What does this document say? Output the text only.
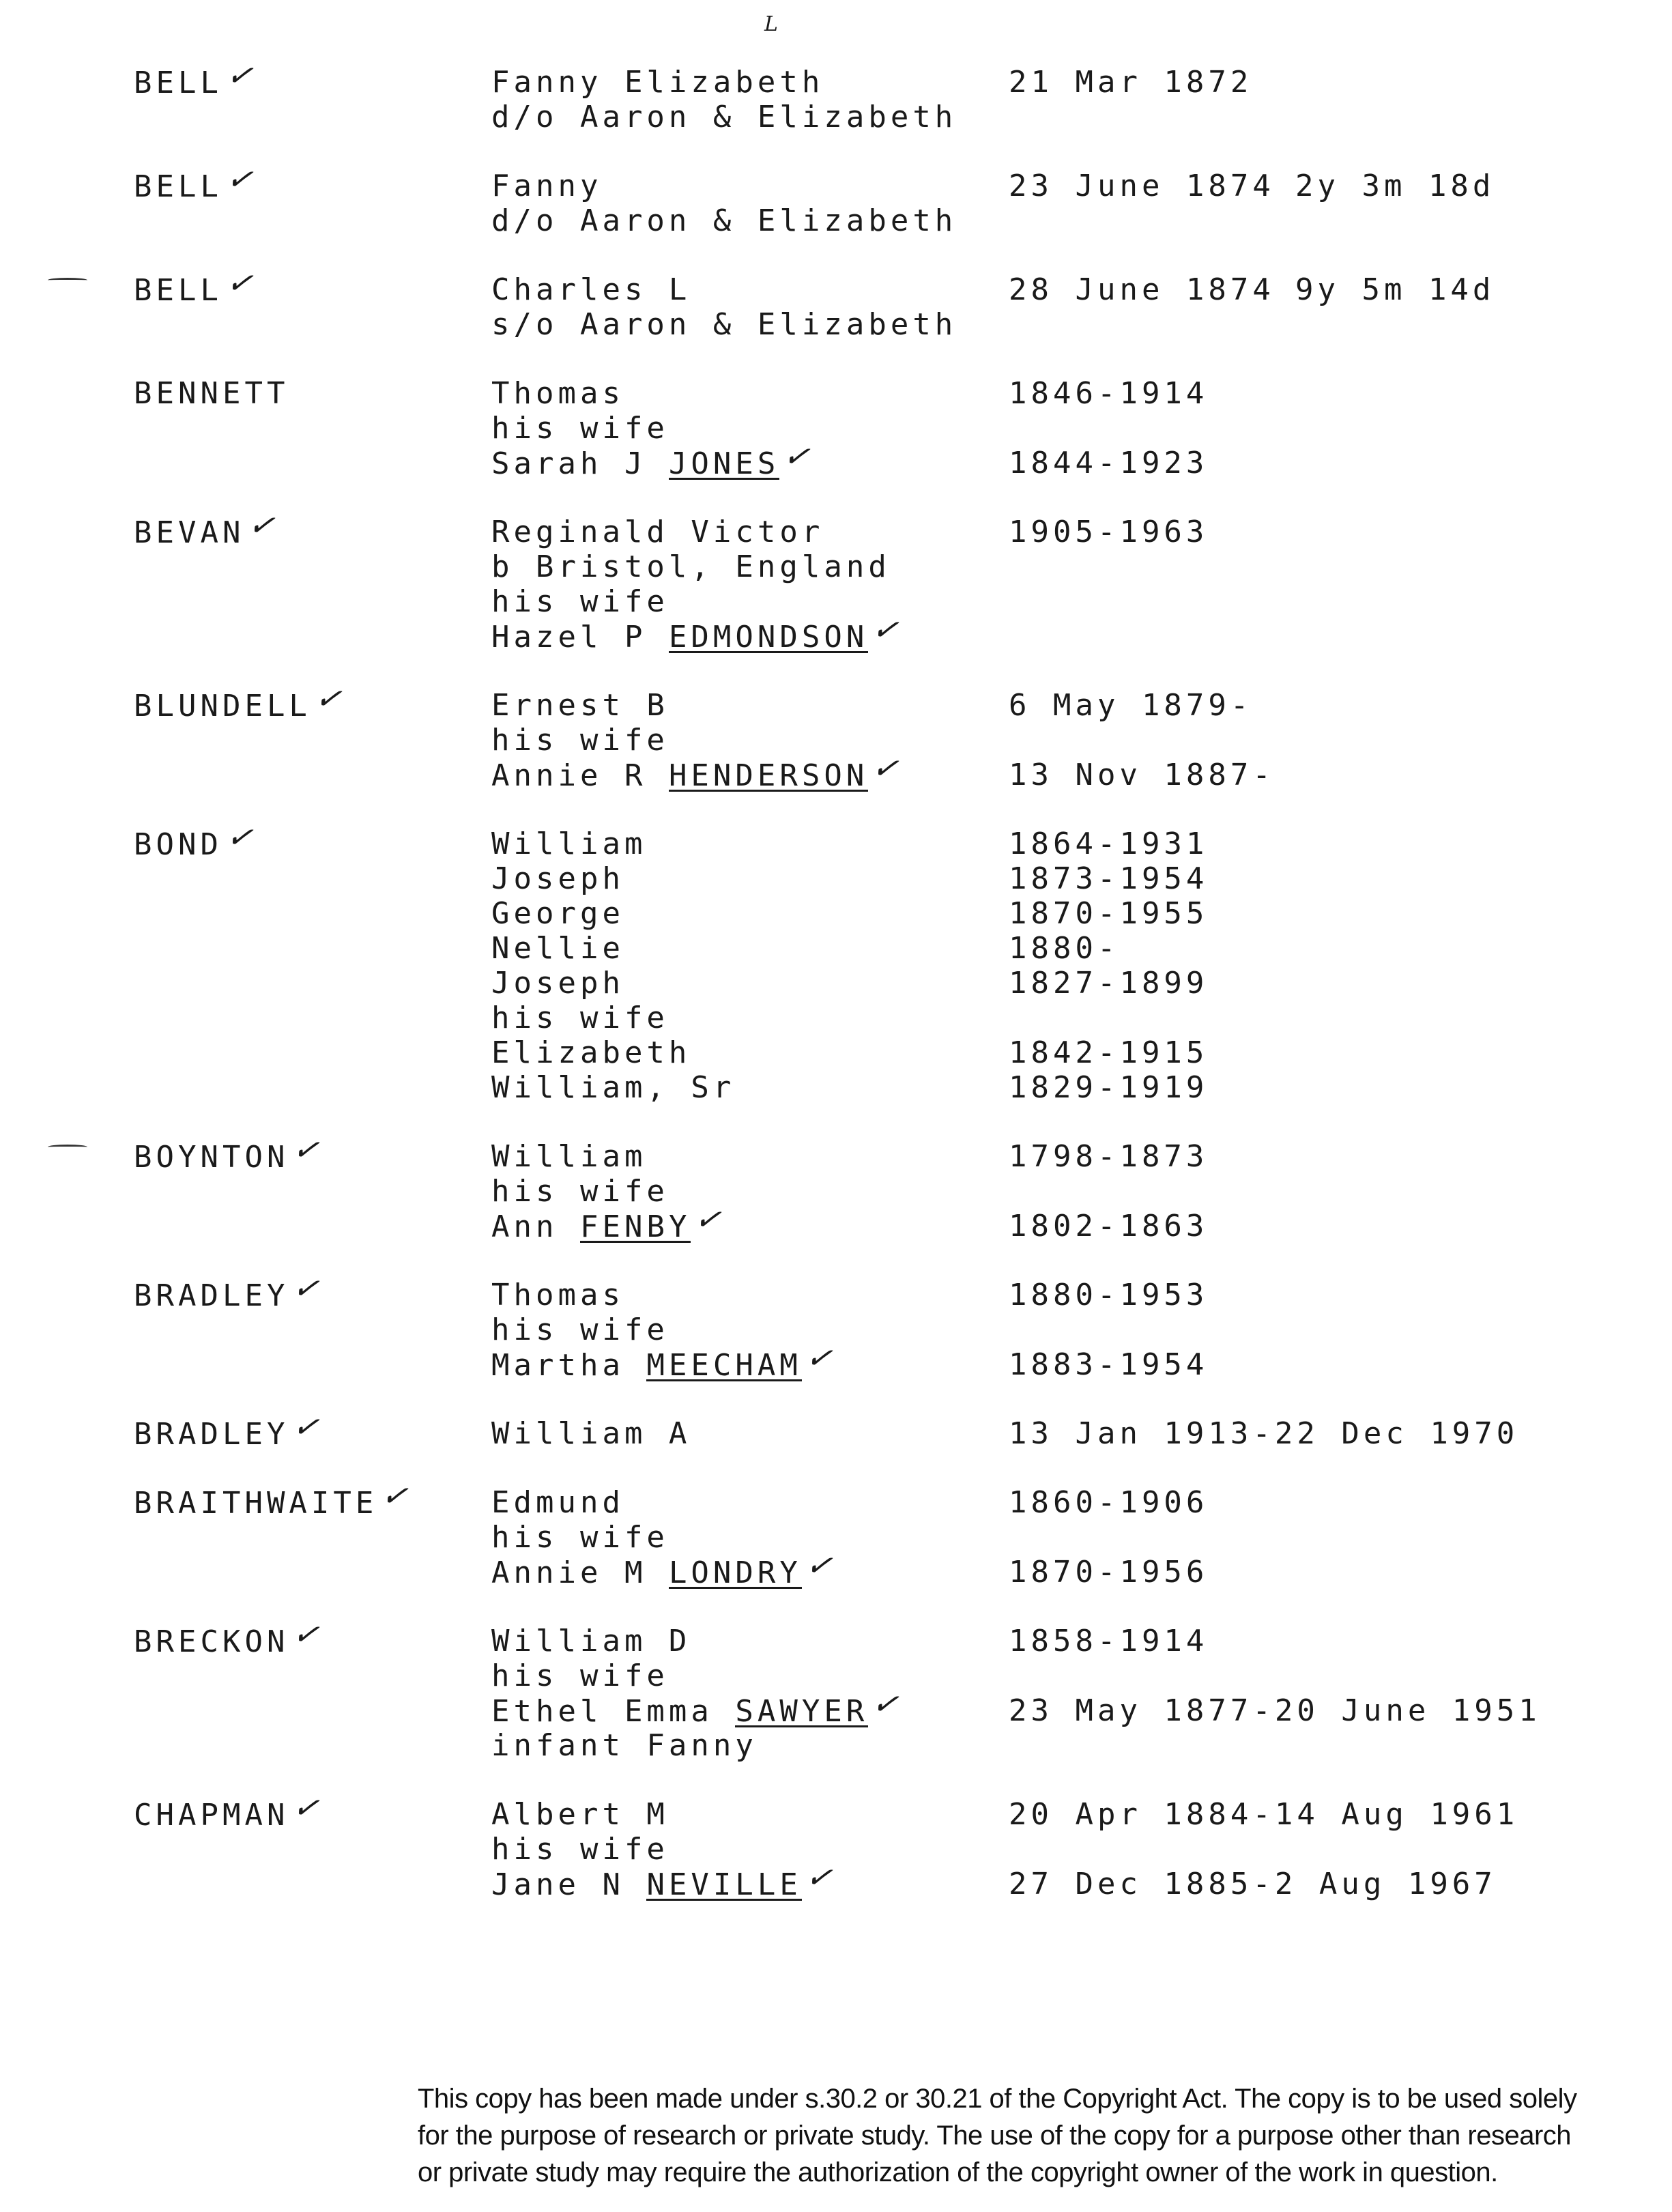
L
BELL✓	Fanny Elizabeth	21 Mar 1872
d/o Aaron & Elizabeth
BELL✓	Fanny	23 June 1874 2y 3m 18d
d/o Aaron & Elizabeth
BELL✓	Charles L	28 June 1874 9y 5m 14d
s/o Aaron & Elizabeth
BENNETT	Thomas	1846-1914
his wife
Sarah J JONES✓	1844-1923
BEVAN✓	Reginald Victor	1905-1963
b Bristol, England
his wife
Hazel P EDMONDSON✓
BLUNDELL✓	Ernest B	6 May 1879-
his wife
Annie R HENDERSON✓	13 Nov 1887-
BOND✓	William	1864-1931
Joseph	1873-1954
George	1870-1955
Nellie	1880-
Joseph	1827-1899
his wife
Elizabeth	1842-1915
William, Sr	1829-1919
BOYNTON✓	William	1798-1873
his wife
Ann FENBY✓	1802-1863
BRADLEY✓	Thomas	1880-1953
his wife
Martha MEECHAM✓	1883-1954
BRADLEY✓	William A	13 Jan 1913-22 Dec 1970
BRAITHWAITE✓	Edmund	1860-1906
his wife
Annie M LONDRY✓	1870-1956
BRECKON✓	William D	1858-1914
his wife
Ethel Emma SAWYER✓	23 May 1877-20 June 1951
infant Fanny
CHAPMAN✓	Albert M	20 Apr 1884-14 Aug 1961
his wife
Jane N NEVILLE✓	27 Dec 1885-2 Aug 1967
This copy has been made under s.30.2 or 30.21 of the Copyright Act. The copy is to be used solely
for the purpose of research or private study. The use of the copy for a purpose other than research
or private study may require the authorization of the copyright owner of the work in question.
